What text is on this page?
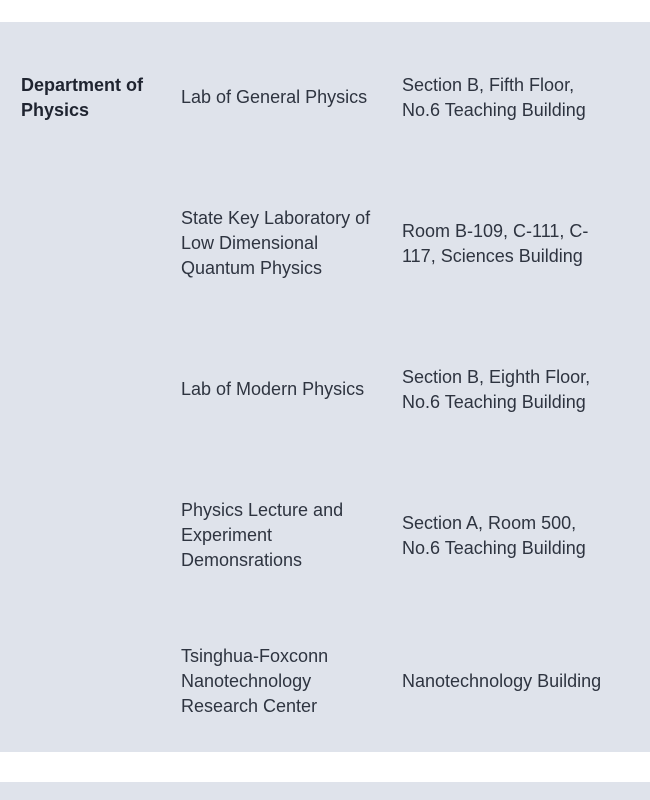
Department of
Physics
Lab of General Physics
Section B, Fifth Floor,
No.6 Teaching Building
State Key Laboratory of
Low Dimensional
Quantum Physics
Room B-109, C-111, C-
117, Sciences Building
Lab of Modern Physics
Section B, Eighth Floor,
No.6 Teaching Building
Physics Lecture and
Experiment
Demonsrations
Section A, Room 500,
No.6 Teaching Building
Tsinghua-Foxconn
Nanotechnology
Research Center
Nanotechnology Building
